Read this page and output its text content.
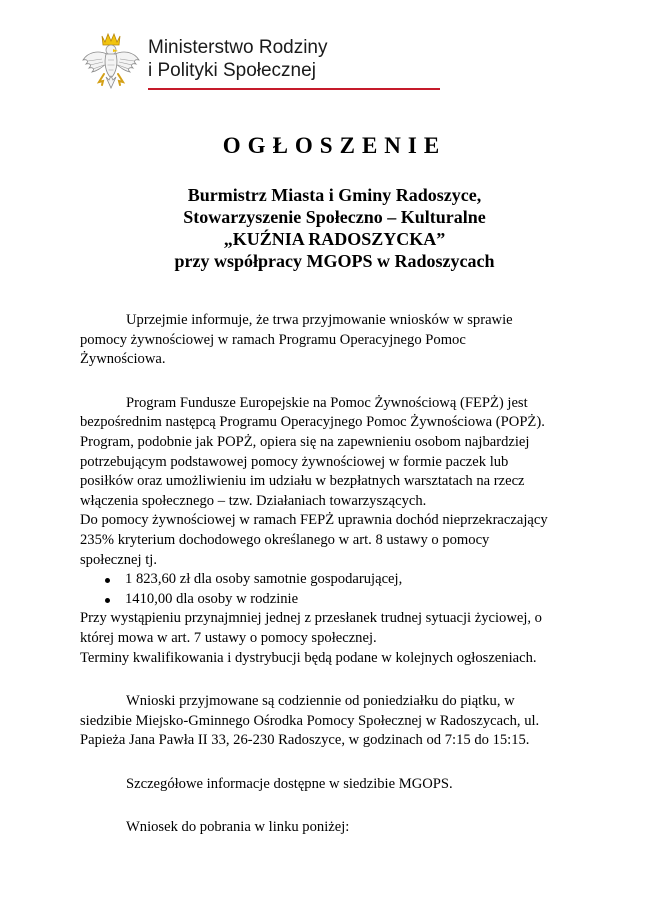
Ministerstwo Rodziny
i Polityki Społecznej
OGŁOSZENIE
Burmistrz Miasta i Gminy Radoszyce,
Stowarzyszenie Społeczno – Kulturalne
„KUŹNIA RADOSZYCKA”
przy współpracy MGOPS w Radoszycach

Uprzejmie informuje, że trwa przyjmowanie wniosków w sprawie

pomocy żywnościowej w ramach Programu Operacyjnego Pomoc

Żywnościowa.

Program Fundusze Europejskie na Pomoc Żywnościową (FEPŻ) jest

bezpośrednim następcą Programu Operacyjnego Pomoc Żywnościowa (POPŻ).

Program, podobnie jak POPŻ, opiera się na zapewnieniu osobom najbardziej

potrzebującym podstawowej pomocy żywnościowej w formie paczek lub

posiłków oraz umożliwieniu im udziału w bezpłatnych warsztatach na rzecz

włączenia społecznego – tzw. Działaniach towarzyszących.

Do pomocy żywnościowej w ramach FEPŻ uprawnia dochód nieprzekraczający

235% kryterium dochodowego określanego w art. 8 ustawy o pomocy

społecznej tj.

1 823,60 zł dla osoby samotnie gospodarującej,
1410,00 dla osoby w rodzinie

Przy wystąpieniu przynajmniej jednej z przesłanek trudnej sytuacji życiowej, o

której mowa w art. 7 ustawy o pomocy społecznej.

Terminy kwalifikowania i dystrybucji będą podane w kolejnych ogłoszeniach.

Wnioski przyjmowane są codziennie od poniedziałku do piątku, w

siedzibie Miejsko-Gminnego Ośrodka Pomocy Społecznej w Radoszycach, ul.

Papieża Jana Pawła II 33, 26-230 Radoszyce, w godzinach od 7:15 do 15:15.

Szczegółowe informacje dostępne w siedzibie MGOPS.

Wniosek do pobrania w linku poniżej:
